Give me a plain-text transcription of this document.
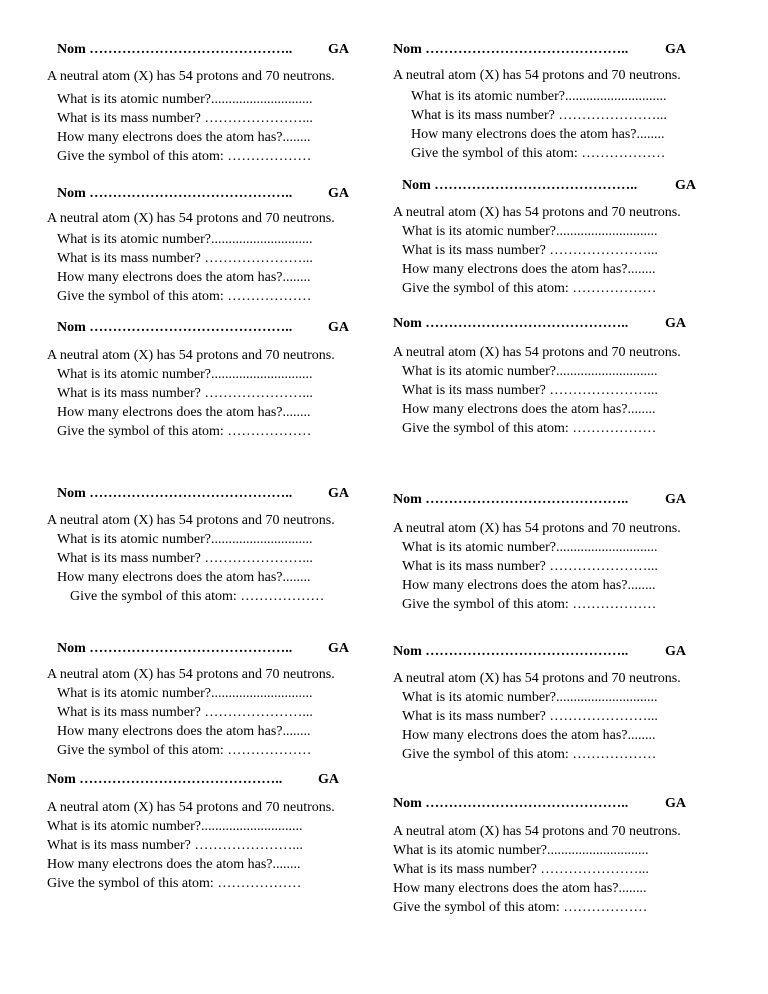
Nom ……………………………………..	GA
A neutral atom (X) has 54 protons and 70 neutrons.
What is its atomic number?.............................
What is its mass number? …………………...
How many electrons does the atom has?........
Give the symbol of this atom: ………………
Nom ……………………………………..	GA
A neutral atom (X) has 54 protons and 70 neutrons.
What is its atomic number?.............................
What is its mass number? …………………...
How many electrons does the atom has?........
Give the symbol of this atom: ………………
Nom ……………………………………..	GA
A neutral atom (X) has 54 protons and 70 neutrons.
What is its atomic number?.............................
What is its mass number? …………………...
How many electrons does the atom has?........
Give the symbol of this atom: ………………
Nom ……………………………………..	GA
A neutral atom (X) has 54 protons and 70 neutrons.
What is its atomic number?.............................
What is its mass number? …………………...
How many electrons does the atom has?........
Give the symbol of this atom: ………………
Nom ……………………………………..	GA
A neutral atom (X) has 54 protons and 70 neutrons.
What is its atomic number?.............................
What is its mass number? …………………...
How many electrons does the atom has?........
Give the symbol of this atom: ………………
Nom ……………………………………..	GA
A neutral atom (X) has 54 protons and 70 neutrons.
What is its atomic number?.............................
What is its mass number? …………………...
How many electrons does the atom has?........
Give the symbol of this atom: ………………
Nom ……………………………………..	GA
A neutral atom (X) has 54 protons and 70 neutrons.
What is its atomic number?.............................
What is its mass number? …………………...
How many electrons does the atom has?........
Give the symbol of this atom: ………………
Nom ……………………………………..	GA
A neutral atom (X) has 54 protons and 70 neutrons.
What is its atomic number?.............................
What is its mass number? …………………...
How many electrons does the atom has?........
Give the symbol of this atom: ………………
Nom ……………………………………..	GA
A neutral atom (X) has 54 protons and 70 neutrons.
What is its atomic number?.............................
What is its mass number? …………………...
How many electrons does the atom has?........
Give the symbol of this atom: ………………
Nom ……………………………………..	GA
A neutral atom (X) has 54 protons and 70 neutrons.
What is its atomic number?.............................
What is its mass number? …………………...
How many electrons does the atom has?........
Give the symbol of this atom: ………………
Nom ……………………………………..	GA
A neutral atom (X) has 54 protons and 70 neutrons.
What is its atomic number?.............................
What is its mass number? …………………...
How many electrons does the atom has?........
Give the symbol of this atom: ………………
Nom ……………………………………..	GA
A neutral atom (X) has 54 protons and 70 neutrons.
What is its atomic number?.............................
What is its mass number? …………………...
How many electrons does the atom has?........
Give the symbol of this atom: ………………
